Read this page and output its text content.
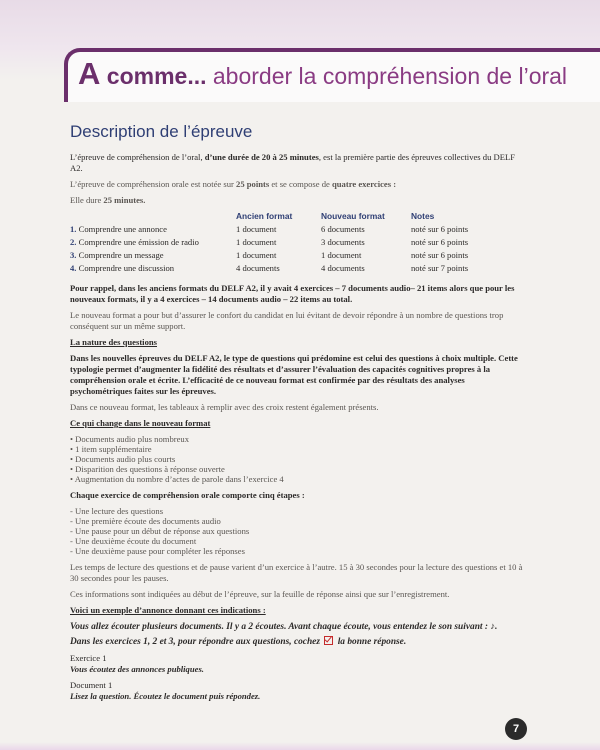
A comme... aborder la compréhension de l’oral
Description de l’épreuve

L’épreuve de compréhension de l’oral, d’une durée de 20 à 25 minutes, est la première partie des épreuves collectives du DELF A2.

L’épreuve de compréhension orale est notée sur 25 points et se compose de quatre exercices :

Elle dure 25 minutes.

	Ancien format	Nouveau format	Notes
1. Comprendre une annonce	1 document	6 documents	noté sur 6 points
2. Comprendre une émission de radio	1 document	3 documents	noté sur 6 points
3. Comprendre un message	1 document	1 document	noté sur 6 points
4. Comprendre une discussion	4 documents	4 documents	noté sur 7 points

Pour rappel, dans les anciens formats du DELF A2, il y avait 4 exercices – 7 documents audio– 21 items alors que pour les nouveaux formats, il y a 4 exercices – 14 documents audio – 22 items au total.

Le nouveau format a pour but d’assurer le confort du candidat en lui évitant de devoir répondre à un nombre de questions trop conséquent sur un même support.

La nature des questions

Dans les nouvelles épreuves du DELF A2, le type de questions qui prédomine est celui des questions à choix multiple. Cette typologie permet d’augmenter la fidélité des résultats et d’assurer l’évaluation des capacités cognitives propres à la compréhension orale et écrite. L’efficacité de ce nouveau format est confirmée par des résultats des analyses psychométriques faites sur les épreuves.

Dans ce nouveau format, les tableaux à remplir avec des croix restent également présents.

Ce qui change dans le nouveau format

• Documents audio plus nombreux
• 1 item supplémentaire
• Documents audio plus courts
• Disparition des questions à réponse ouverte
• Augmentation du nombre d’actes de parole dans l’exercice 4

Chaque exercice de compréhension orale comporte cinq étapes :

- Une lecture des questions
- Une première écoute des documents audio
- Une pause pour un début de réponse aux questions
- Une deuxième écoute du document
- Une deuxième pause pour compléter les réponses

Les temps de lecture des questions et de pause varient d’un exercice à l’autre. 15 à 30 secondes pour la lecture des questions et 10 à 30 secondes pour les pauses.

Ces informations sont indiquées au début de l’épreuve, sur la feuille de réponse ainsi que sur l’enregistrement.

Voici un exemple d’annonce donnant ces indications :

Vous allez écouter plusieurs documents. Il y a 2 écoutes. Avant chaque écoute, vous entendez le son suivant : ♪.

Dans les exercices 1, 2 et 3, pour répondre aux questions, cochez  la bonne réponse.

Exercice 1

Vous écoutez des annonces publiques.

Document 1

Lisez la question. Écoutez le document puis répondez.

7
